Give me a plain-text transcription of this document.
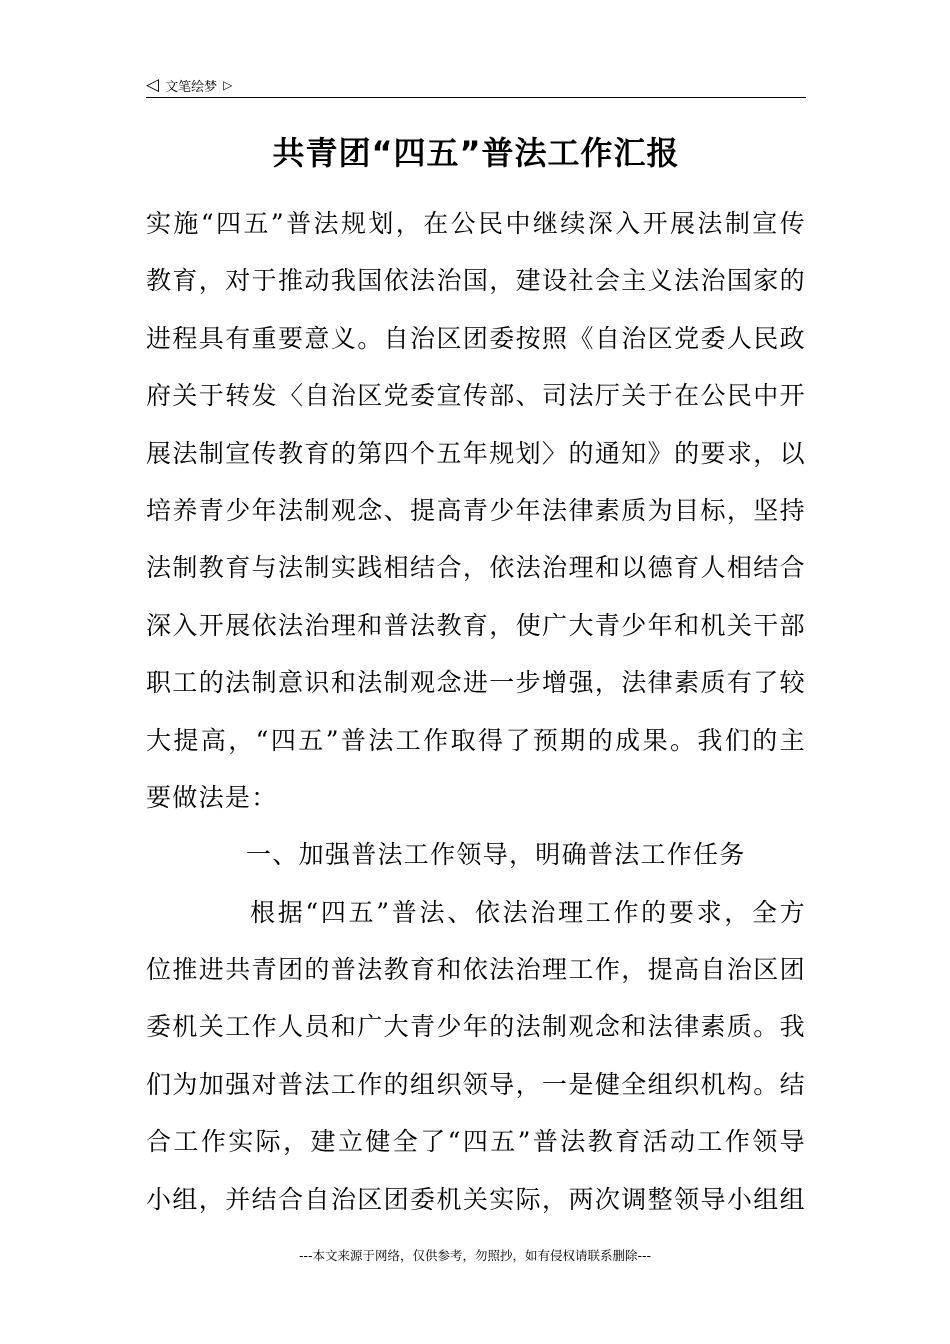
◁ 文笔绘梦 ▷
共青团“四五”普法工作汇报
实施“四五”普法规划，在公民中继续深入开展法制宣传
教育，对于推动我国依法治国，建设社会主义法治国家的
进程具有重要意义。自治区团委按照《自治区党委人民政
府关于转发〈自治区党委宣传部、司法厅关于在公民中开
展法制宣传教育的第四个五年规划〉的通知》的要求，以
培养青少年法制观念、提高青少年法律素质为目标，坚持
法制教育与法制实践相结合，依法治理和以德育人相结合
深入开展依法治理和普法教育，使广大青少年和机关干部
职工的法制意识和法制观念进一步增强，法律素质有了较
大提高，“四五”普法工作取得了预期的成果。我们的主
要做法是：
一、加强普法工作领导，明确普法工作任务
根据“四五”普法、依法治理工作的要求，全方
位推进共青团的普法教育和依法治理工作，提高自治区团
委机关工作人员和广大青少年的法制观念和法律素质。我
们为加强对普法工作的组织领导，一是健全组织机构。结
合工作实际，建立健全了“四五”普法教育活动工作领导
小组，并结合自治区团委机关实际，两次调整领导小组组
---本文来源于网络，仅供参考，勿照抄，如有侵权请联系删除---
